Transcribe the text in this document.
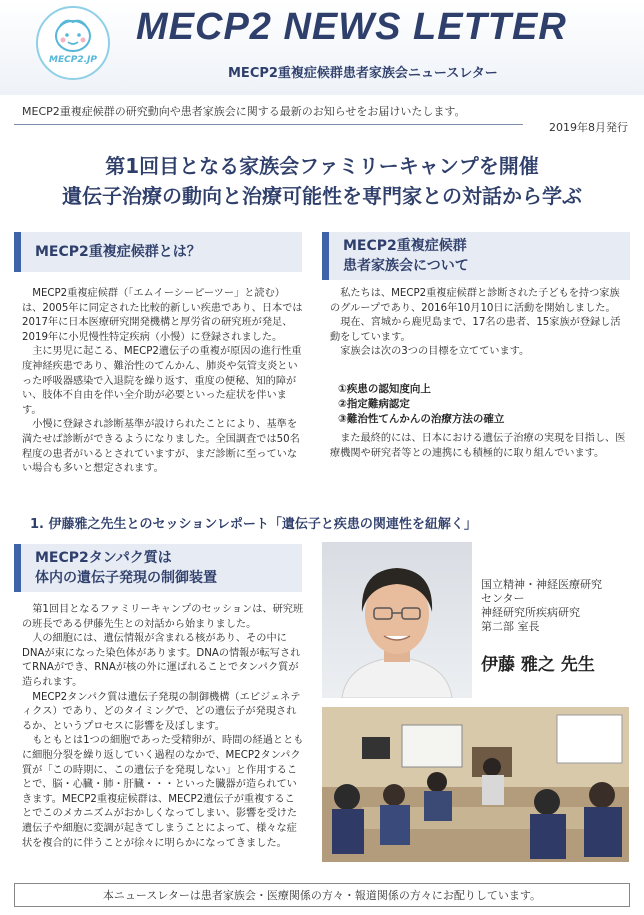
MECP2.JP
MECP2 NEWS LETTER
MECP2重複症候群患者家族会ニュースレター
MECP2重複症候群の研究動向や患者家族会に関する最新のお知らせをお届けいたします。
2019年8月発行
第1回目となる家族会ファミリーキャンプを開催
遺伝子治療の動向と治療可能性を専門家との対話から学ぶ
MECP2重複症候群とは？

MECP2重複症候群（「エムイーシーピーツー」と読む）は、2005年に同定された比較的新しい疾患であり、日本では2017年に日本医療研究開発機構と厚労省の研究班が発足、2019年に小児慢性特定疾病（小慢）に登録されました。

主に男児に起こる、MECP2遺伝子の重複が原因の進行性重度神経疾患であり、難治性のてんかん、肺炎や気管支炎といった呼吸器感染で入退院を繰り返す、重度の便秘、知的障がい、肢体不自由を伴い全介助が必要といった症状を伴います。

小慢に登録され診断基準が設けられたことにより、基準を満たせば診断ができるようになりました。全国調査では50名程度の患者がいるとされていますが、まだ診断に至っていない場合も多いと想定されます。

MECP2重複症候群
患者家族会について

私たちは、MECP2重複症候群と診断された子どもを持つ家族のグループであり、2016年10月10日に活動を開始しました。

現在、宮城から鹿児島まで、17名の患者、15家族が登録し活動をしています。

家族会は次の3つの目標を立てています。

①疾患の認知度向上
②指定難病認定
③難治性てんかんの治療方法の確立

また最終的には、日本における遺伝子治療の実現を目指し、医療機関や研究者等との連携にも積極的に取り組んでいます。

1. 伊藤雅之先生とのセッションレポート「遺伝子と疾患の関連性を紐解く」
MECP2タンパク質は
体内の遺伝子発現の制御装置

第1回目となるファミリーキャンプのセッションは、研究班の班長である伊藤先生との対話から始まりました。

人の細胞には、遺伝情報が含まれる核があり、その中にDNAが束になった染色体があります。DNAの情報が転写されてRNAができ、RNAが核の外に運ばれることでタンパク質が造られます。

MECP2タンパク質は遺伝子発現の制御機構（エピジェネティクス）であり、どのタイミングで、どの遺伝子が発現されるか、というプロセスに影響を及ぼします。

もともとは1つの細胞であった受精卵が、時間の経過とともに細胞分裂を繰り返していく過程のなかで、MECP2タンパク質が「この時期に、この遺伝子を発現しない」と作用することで、脳・心臓・肺・肝臓・・・といった臓器が造られていきます。MECP2重複症候群は、MECP2遺伝子が重複することでこのメカニズムがおかしくなってしまい、影響を受けた遺伝子や細胞に変調が起きてしまうことによって、様々な症状を複合的に伴うことが徐々に明らかになってきました。

国立精神・神経医療研究
センター
神経研究所疾病研究
第二部 室長
伊藤 雅之 先生
本ニュースレターは患者家族会・医療関係の方々・報道関係の方々にお配りしています。
